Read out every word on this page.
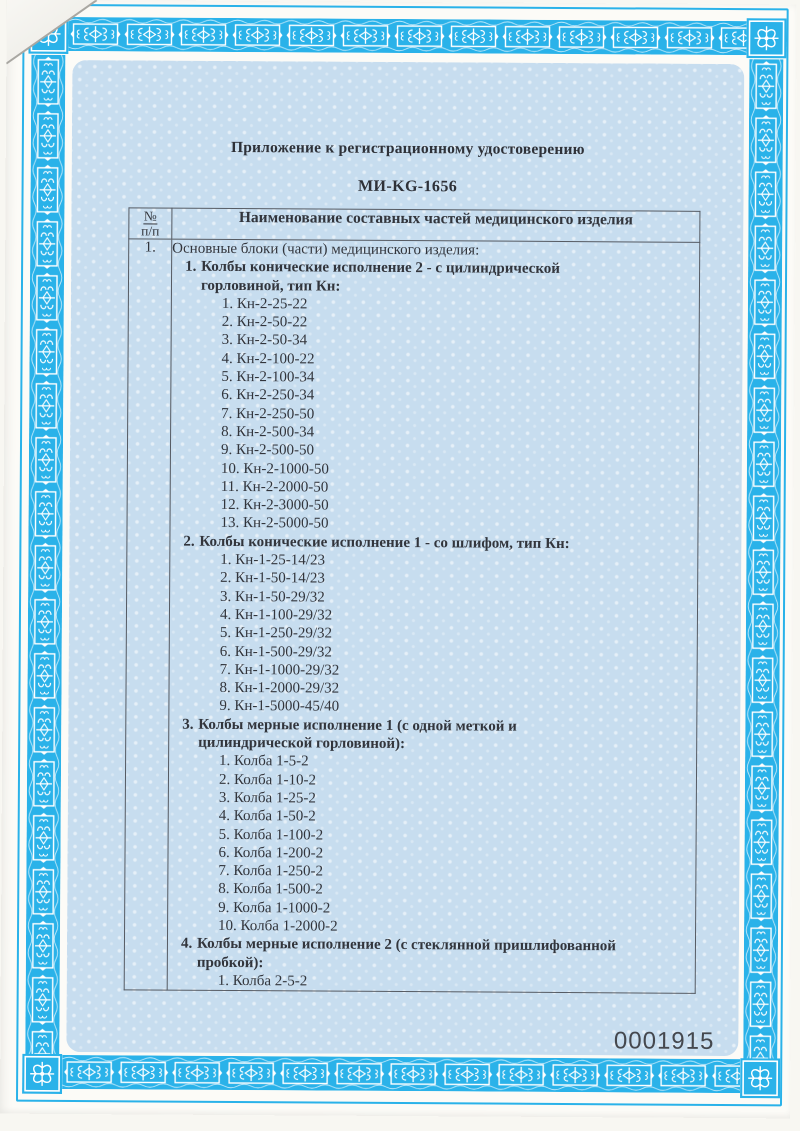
Приложение к регистрационному удостоверению
МИ-KG-1656
№
п/п	Наименование составных частей медицинского изделия
1.	Основные блоки (части) медицинского изделия:
1. Колбы конические исполнение 2 - с цилиндрической
горловиной, тип Кн:
1. Кн-2-25-22
2. Кн-2-50-22
3. Кн-2-50-34
4. Кн-2-100-22
5. Кн-2-100-34
6. Кн-2-250-34
7. Кн-2-250-50
8. Кн-2-500-34
9. Кн-2-500-50
10. Кн-2-1000-50
11. Кн-2-2000-50
12. Кн-2-3000-50
13. Кн-2-5000-50
2. Колбы конические исполнение 1 - со шлифом, тип Кн:
1. Кн-1-25-14/23
2. Кн-1-50-14/23
3. Кн-1-50-29/32
4. Кн-1-100-29/32
5. Кн-1-250-29/32
6. Кн-1-500-29/32
7. Кн-1-1000-29/32
8. Кн-1-2000-29/32
9. Кн-1-5000-45/40
3. Колбы мерные исполнение 1 (с одной меткой и
цилиндрической горловиной):
1. Колба 1-5-2
2. Колба 1-10-2
3. Колба 1-25-2
4. Колба 1-50-2
5. Колба 1-100-2
6. Колба 1-200-2
7. Колба 1-250-2
8. Колба 1-500-2
9. Колба 1-1000-2
10. Колба 1-2000-2
4. Колбы мерные исполнение 2 (с стеклянной пришлифованной
пробкой):
1. Колба 2-5-2
0001915
